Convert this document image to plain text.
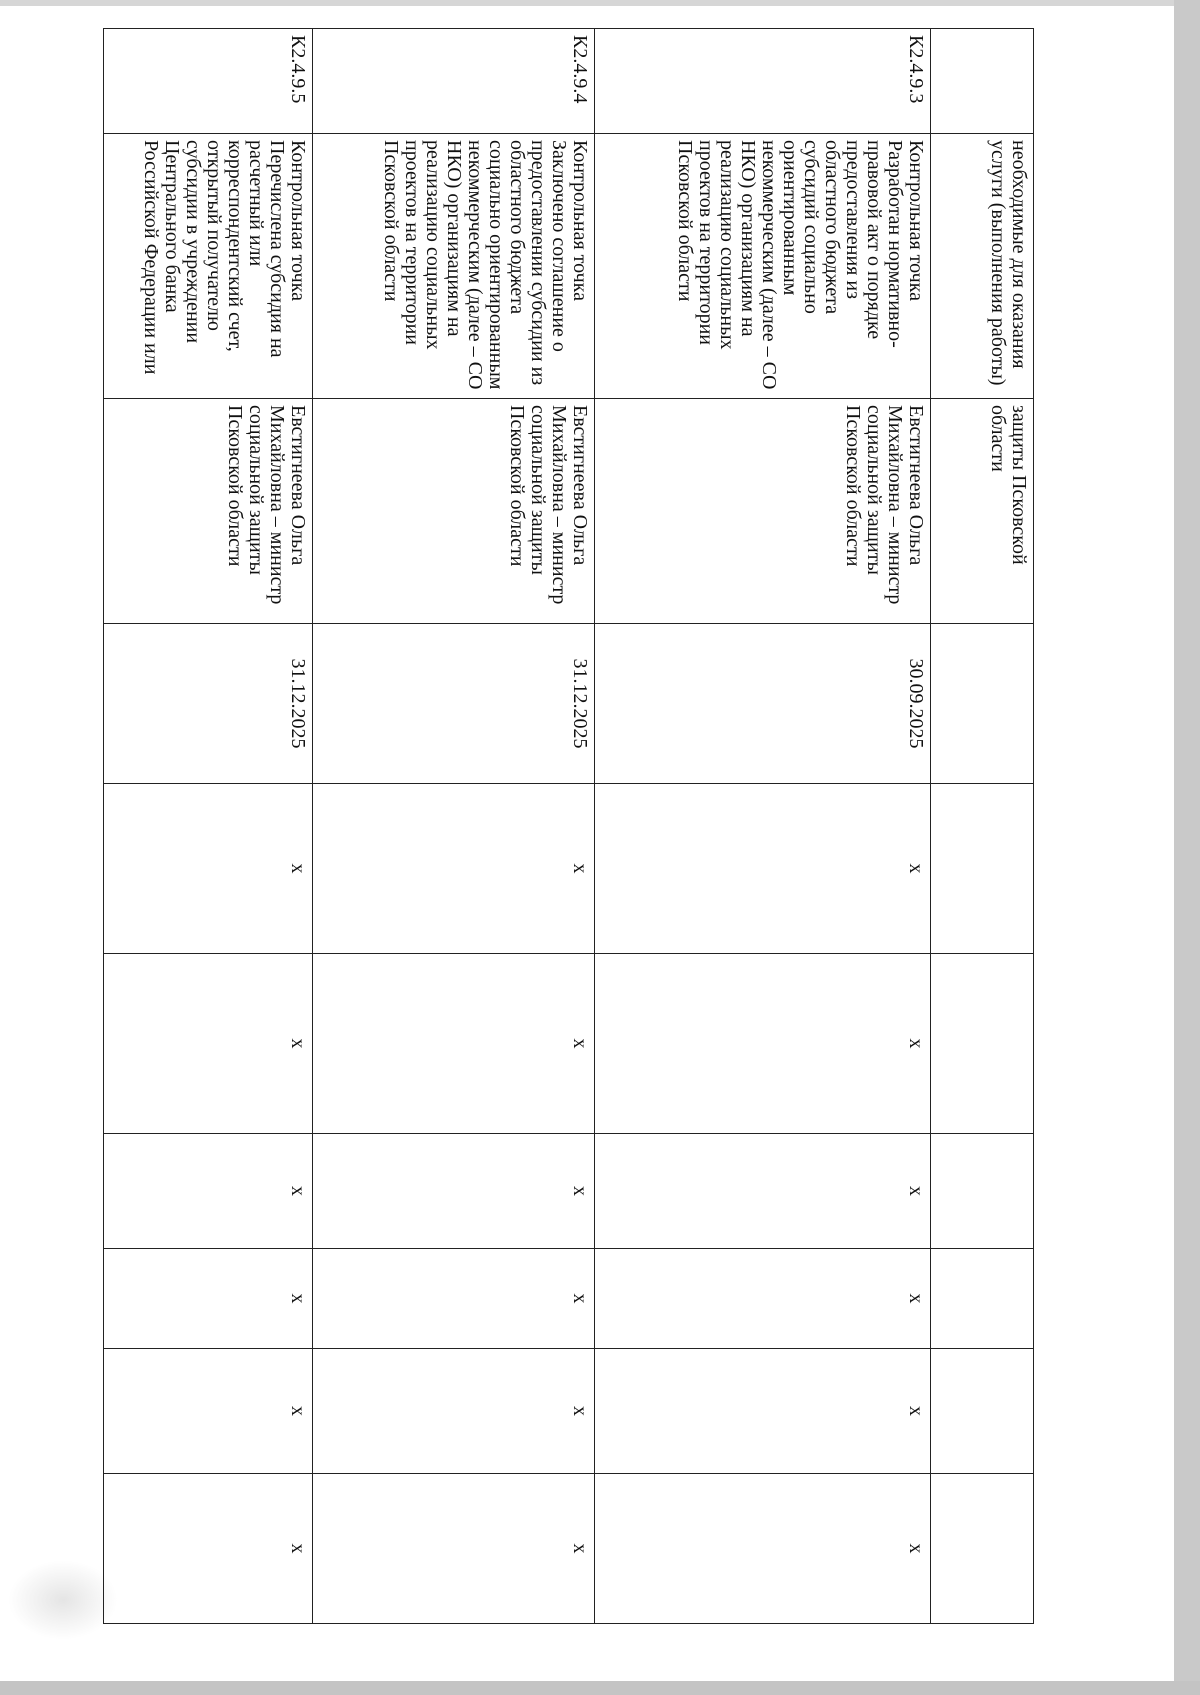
	необходимые для оказания услуги (выполнения работы)	защиты Псковской области							
К2.4.9.3	Контрольная точка Разработан нормативно-правовой акт о порядке предоставления из областного бюджета субсидий социально ориентированным некоммерческим (далее – СО НКО) организациям на реализацию социальных проектов на территории Псковской области	Евстигнеева Ольга Михайловна – министр социальной защиты Псковской области	30.09.2025	x	x	x	x	x	x
К2.4.9.4	Контрольная точка Заключено соглашение о предоставлении субсидии из областного бюджета социально ориентированным некоммерческим (далее – СО НКО) организациям на реализацию социальных проектов на территории Псковской области	Евстигнеева Ольга Михайловна – министр социальной защиты Псковской области	31.12.2025	x	x	x	x	x	x
К2.4.9.5	Контрольная точка Перечислена субсидия на расчетный или корреспондентский счет, открытый получателю субсидии в учреждении Центрального банка Российской Федерации или	Евстигнеева Ольга Михайловна – министр социальной защиты Псковской области	31.12.2025	x	x	x	x	x	x
